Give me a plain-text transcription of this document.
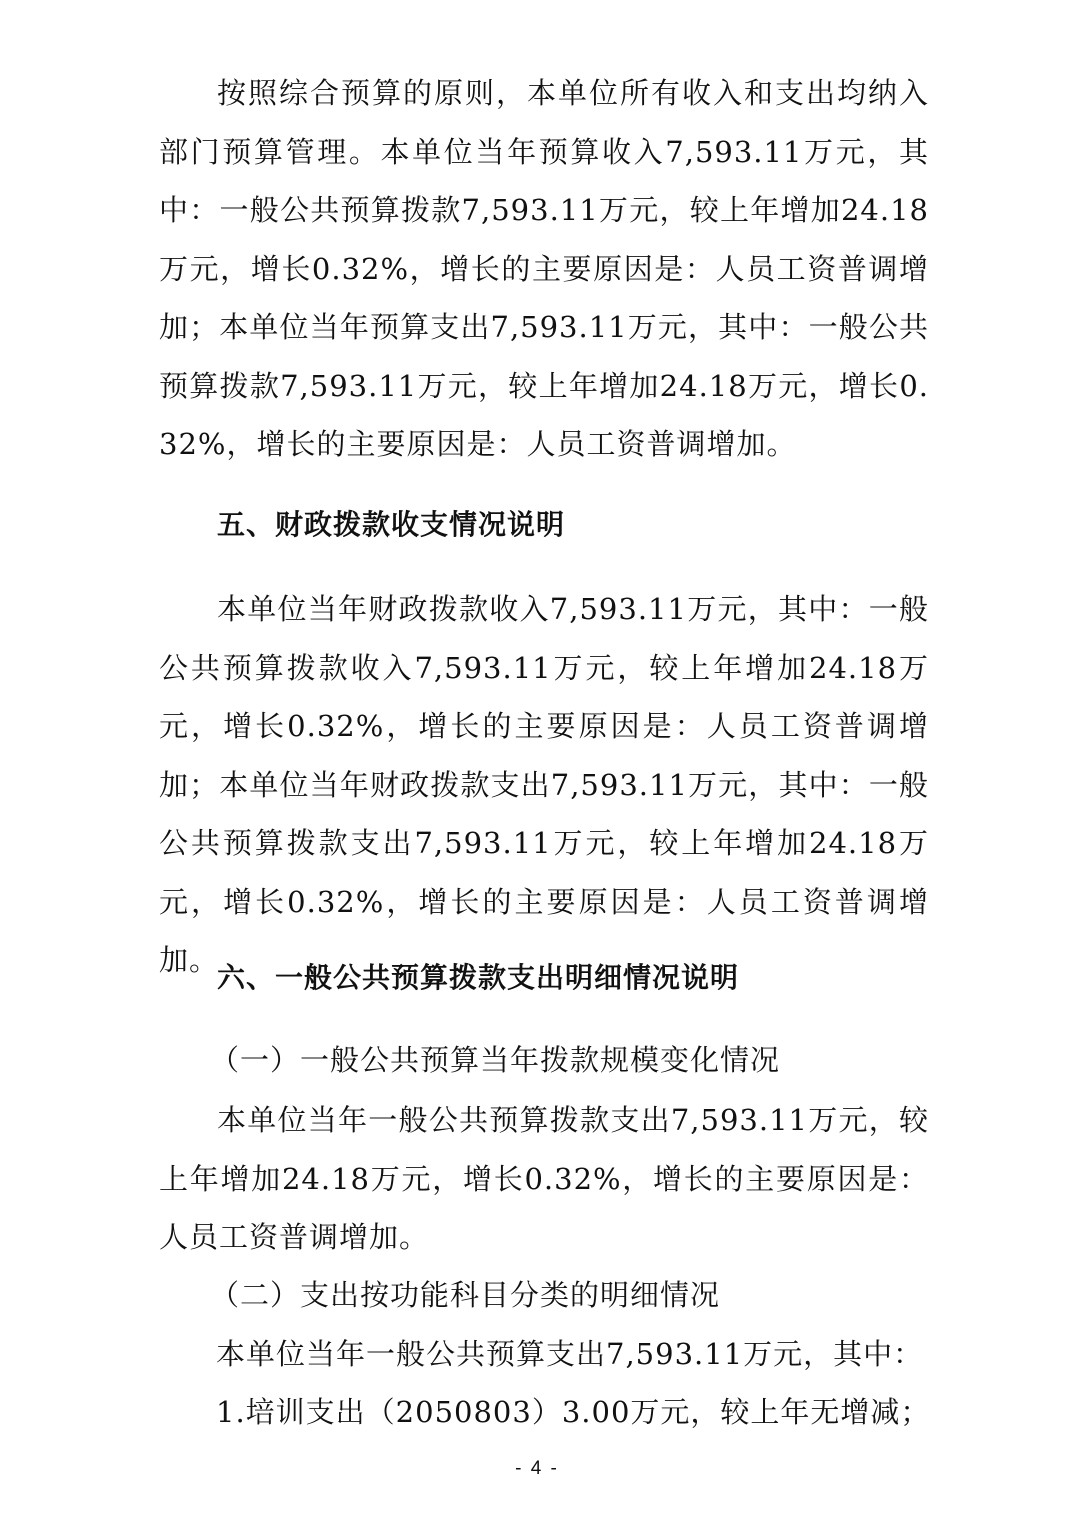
按照综合预算的原则，本单位所有收入和支出均纳入部门预算管理。本单位当年预算收入7,593.11万元，其中：一般公共预算拨款7,593.11万元，较上年增加24.18万元，增长0.32%，增长的主要原因是：人员工资普调增加；本单位当年预算支出7,593.11万元，其中：一般公共预算拨款7,593.11万元，较上年增加24.18万元，增长0.32%，增长的主要原因是：人员工资普调增加。

五、财政拨款收支情况说明

本单位当年财政拨款收入7,593.11万元，其中：一般公共预算拨款收入7,593.11万元，较上年增加24.18万元，增长0.32%，增长的主要原因是：人员工资普调增加；本单位当年财政拨款支出7,593.11万元，其中：一般公共预算拨款支出7,593.11万元，较上年增加24.18万元，增长0.32%，增长的主要原因是：人员工资普调增加。

六、一般公共预算拨款支出明细情况说明

（一）一般公共预算当年拨款规模变化情况

本单位当年一般公共预算拨款支出7,593.11万元，较上年增加24.18万元，增长0.32%，增长的主要原因是：人员工资普调增加。

（二）支出按功能科目分类的明细情况

本单位当年一般公共预算支出7,593.11万元，其中：

1.培训支出（2050803）3.00万元，较上年无增减；

- 4 -
